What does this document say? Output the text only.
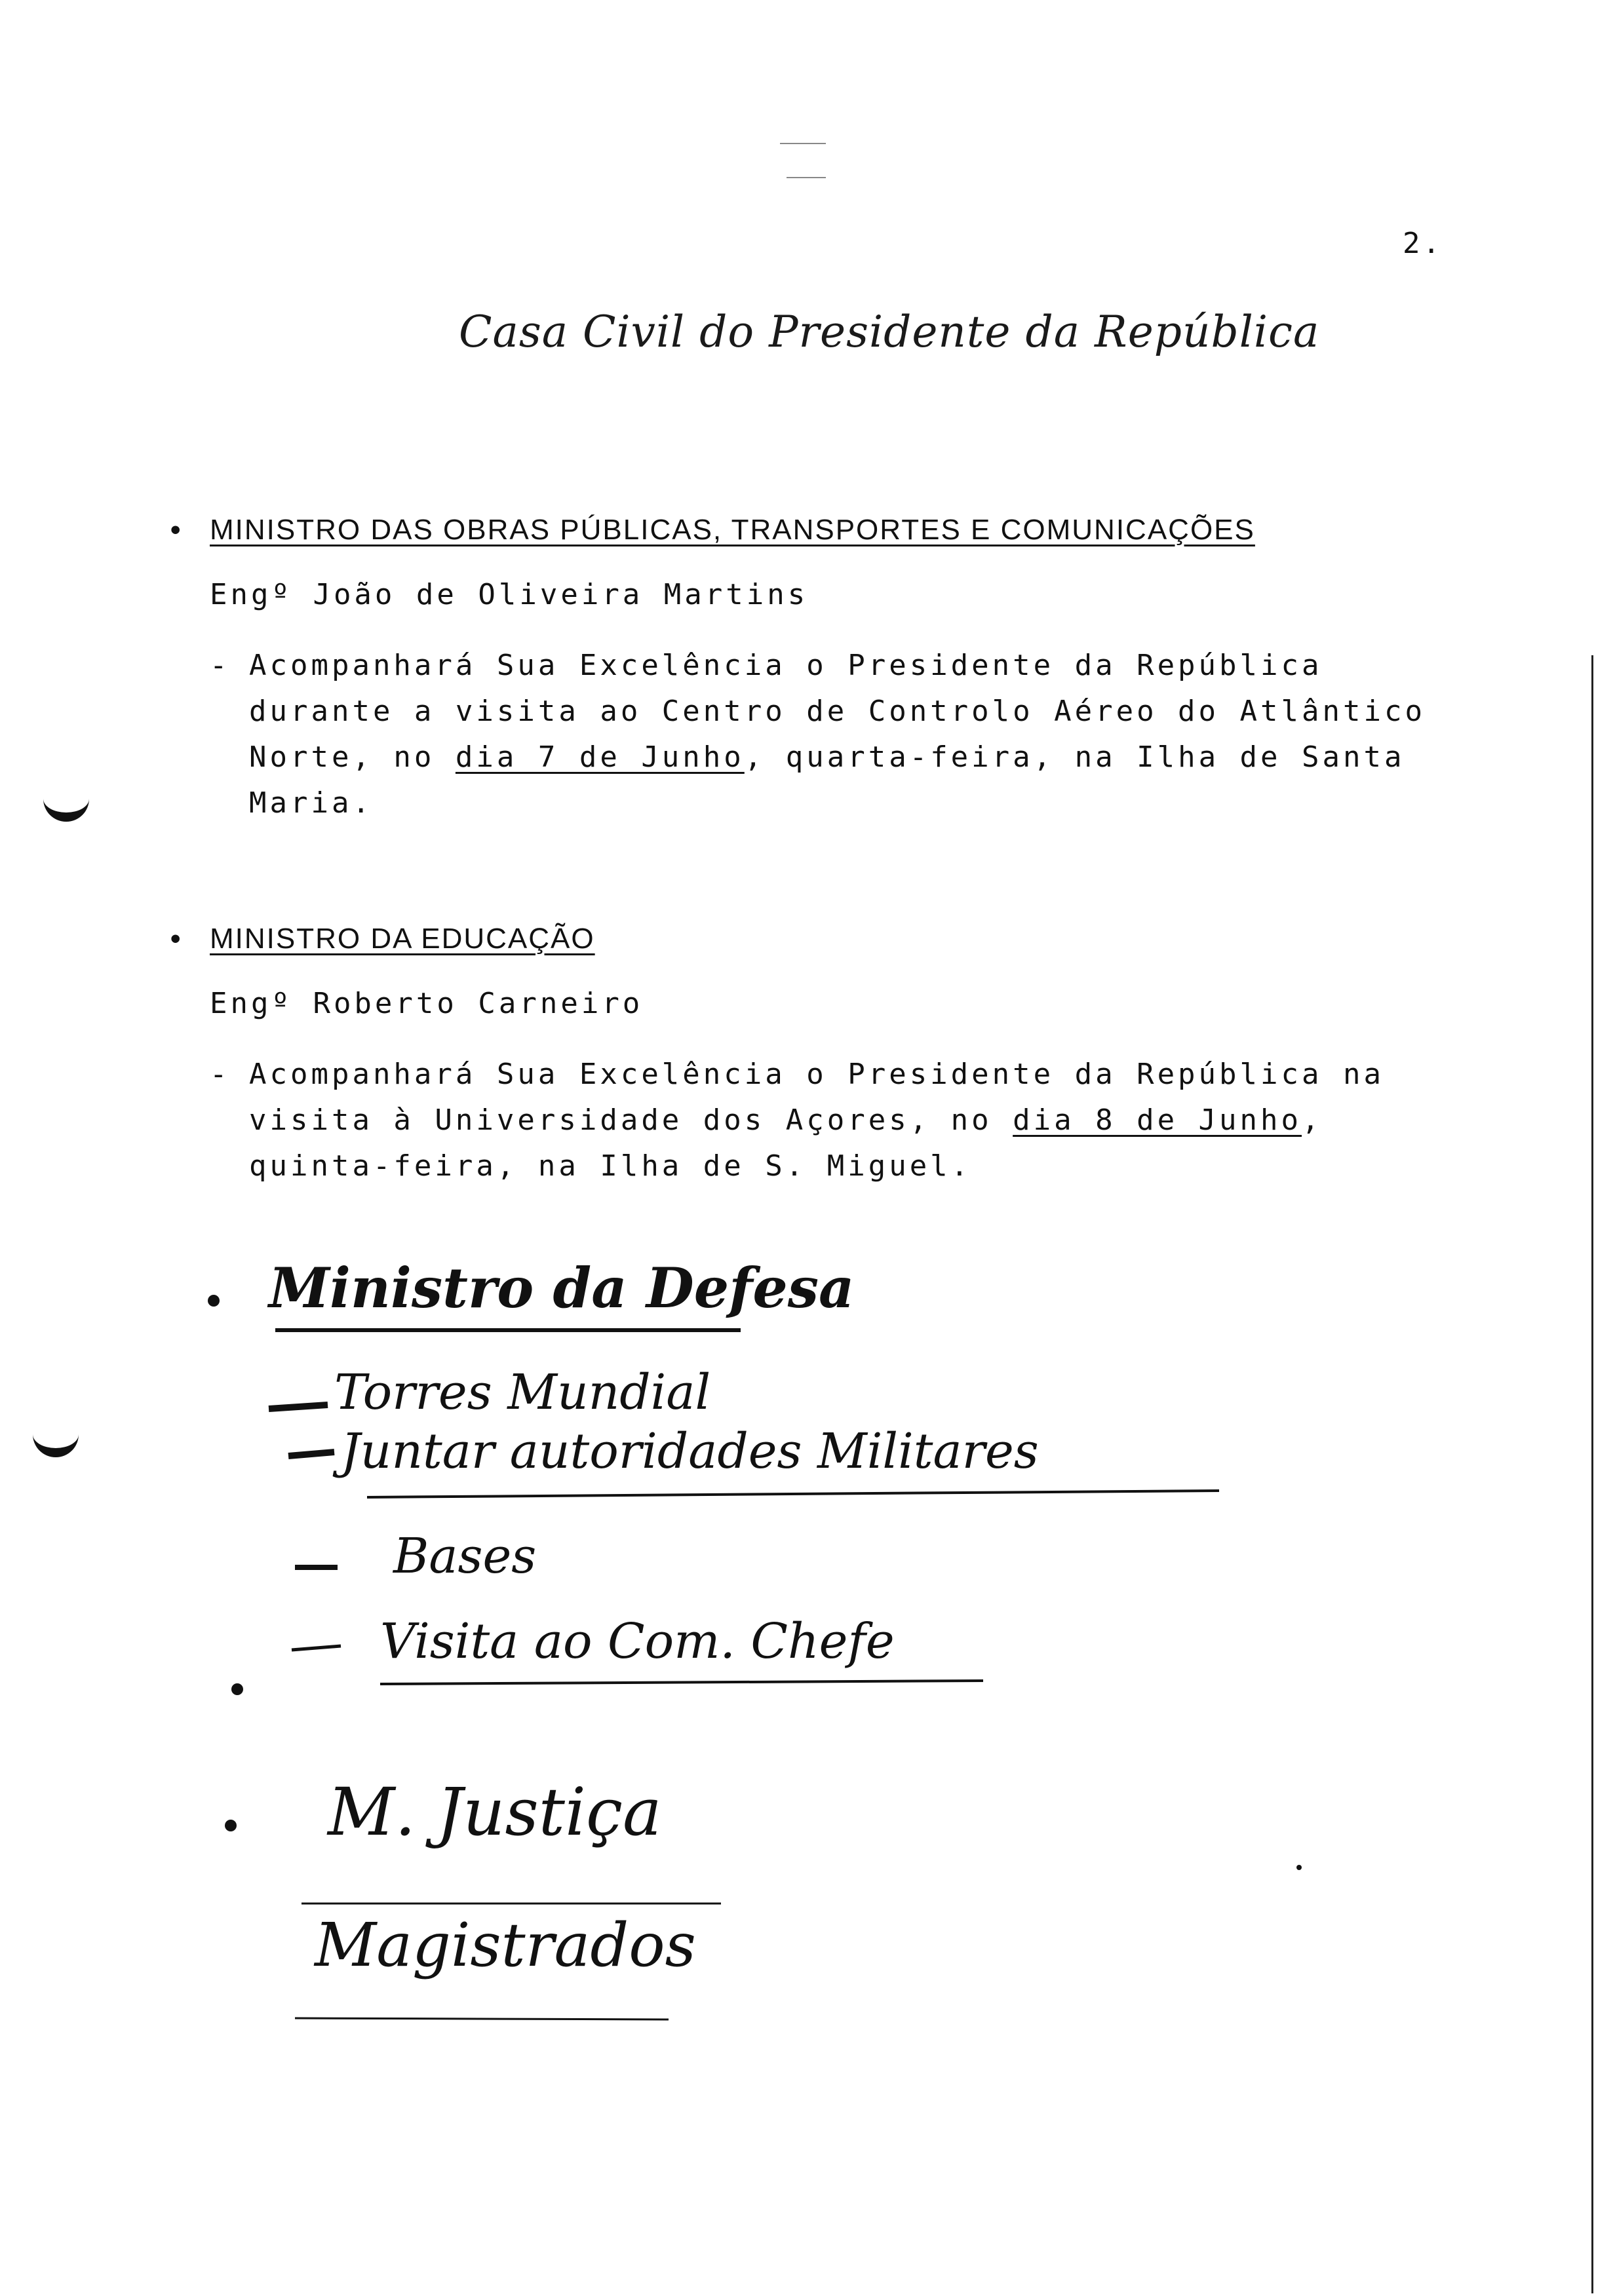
2.
Casa Civil do Presidente da República
• MINISTRO DAS OBRAS PÚBLICAS, TRANSPORTES E COMUNICAÇÕES
Engº João de Oliveira Martins
- Acompanhará Sua Excelência o Presidente da República durante a visita ao Centro de Controlo Aéreo do Atlântico Norte, no dia 7 de Junho, quarta-feira, na Ilha de Santa Maria.
• MINISTRO DA EDUCAÇÃO
Engº Roberto Carneiro
- Acompanhará Sua Excelência o Presidente da República na visita à Universidade dos Açores, no dia 8 de Junho, quinta-feira, na Ilha de S. Miguel.
Ministro da Defesa
Torres Mundial
Juntar autoridades Militares
Bases
Visita ao Com. Chefe
M. Justiça
Magistrados
